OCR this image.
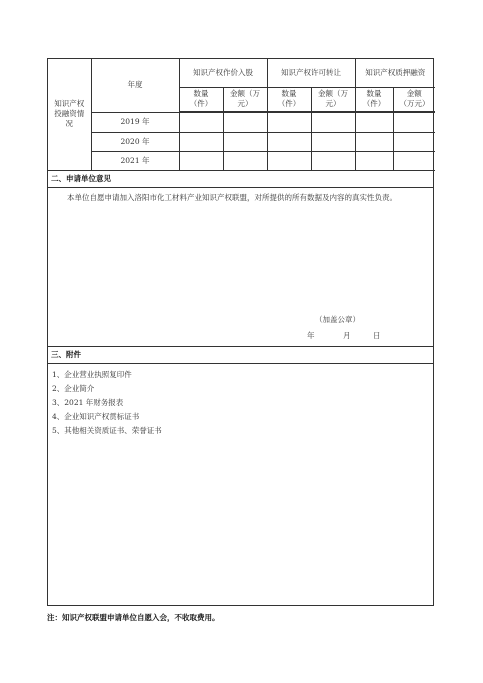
知识产权投融资情况	年度	知识产权作价入股		知识产权许可转让		知识产权质押融资	
		数量（件）	金额（万元）	数量（件）	金额（万元）	数量（件）	金额（万元）

	2019 年						
	2020 年						
	2021 年						
二、申请单位意见
本单位自愿申请加入洛阳市化工材料产业知识产权联盟，对所提供的所有数据及内容的真实性负责。
（加盖公章）
年	月	日
三、附件
1、企业营业执照复印件
2、企业简介
3、2021 年财务报表
4、企业知识产权贯标证书
5、其他相关资质证书、荣誉证书
注：知识产权联盟申请单位自愿入会，不收取费用。
